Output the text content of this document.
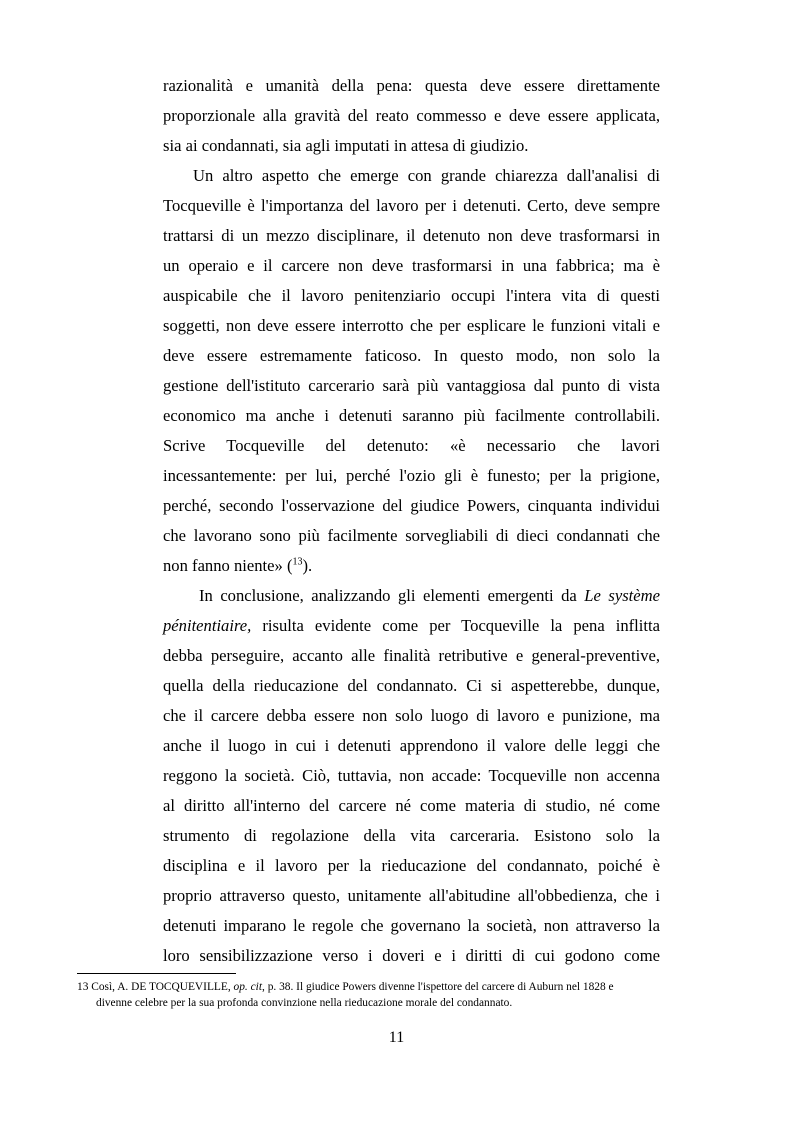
razionalità e umanità della pena: questa deve essere direttamente
proporzionale alla gravità del reato commesso e deve essere applicata,
sia ai condannati, sia agli imputati in attesa di giudizio.
Un altro aspetto che emerge con grande chiarezza dall'analisi di
Tocqueville è l'importanza del lavoro per i detenuti. Certo, deve sempre
trattarsi di un mezzo disciplinare, il detenuto non deve trasformarsi in
un operaio e il carcere non deve trasformarsi in una fabbrica; ma è
auspicabile che il lavoro penitenziario occupi l'intera vita di questi
soggetti, non deve essere interrotto che per esplicare le funzioni vitali e
deve essere estremamente faticoso. In questo modo, non solo la
gestione dell'istituto carcerario sarà più vantaggiosa dal punto di vista
economico ma anche i detenuti saranno più facilmente controllabili.
Scrive Tocqueville del detenuto: «è necessario che lavori
incessantemente: per lui, perché l'ozio gli è funesto; per la prigione,
perché, secondo l'osservazione del giudice Powers, cinquanta individui
che lavorano sono più facilmente sorvegliabili di dieci condannati che
non fanno niente» ($^{13}$).
In conclusione, analizzando gli elementi emergenti da Le système
pénitentiaire, risulta evidente come per Tocqueville la pena inflitta
debba perseguire, accanto alle finalità retributive e general-preventive,
quella della rieducazione del condannato. Ci si aspetterebbe, dunque,
che il carcere debba essere non solo luogo di lavoro e punizione, ma
anche il luogo in cui i detenuti apprendono il valore delle leggi che
reggono la società. Ciò, tuttavia, non accade: Tocqueville non accenna
al diritto all'interno del carcere né come materia di studio, né come
strumento di regolazione della vita carceraria. Esistono solo la
disciplina e il lavoro per la rieducazione del condannato, poiché è
proprio attraverso questo, unitamente all'abitudine all'obbedienza, che i
detenuti imparano le regole che governano la società, non attraverso la
loro sensibilizzazione verso i doveri e i diritti di cui godono come
13 Così, A. DE TOCQUEVILLE, op. cit, p. 38. Il giudice Powers divenne l'ispettore del carcere di Auburn nel 1828 e
divenne celebre per la sua profonda convinzione nella rieducazione morale del condannato.
11
